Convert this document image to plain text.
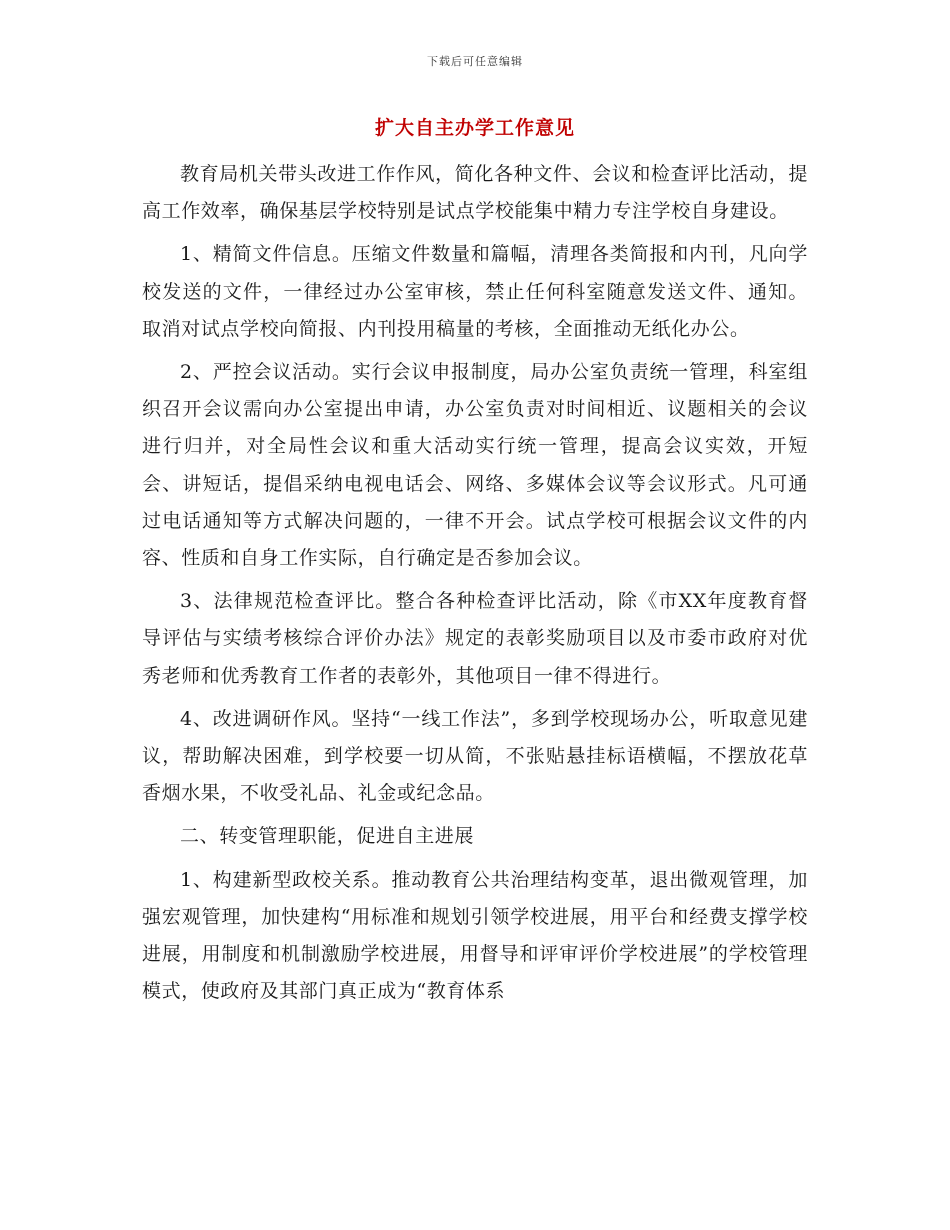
下载后可任意编辑
扩大自主办学工作意见

教育局机关带头改进工作作风，简化各种文件、会议和检查评比活动，提高工作效率，确保基层学校特别是试点学校能集中精力专注学校自身建设。

1、精简文件信息。压缩文件数量和篇幅，清理各类简报和内刊，凡向学校发送的文件，一律经过办公室审核，禁止任何科室随意发送文件、通知。取消对试点学校向简报、内刊投用稿量的考核，全面推动无纸化办公。

2、严控会议活动。实行会议申报制度，局办公室负责统一管理，科室组织召开会议需向办公室提出申请，办公室负责对时间相近、议题相关的会议进行归并，对全局性会议和重大活动实行统一管理，提高会议实效，开短会、讲短话，提倡采纳电视电话会、网络、多媒体会议等会议形式。凡可通过电话通知等方式解决问题的，一律不开会。试点学校可根据会议文件的内容、性质和自身工作实际，自行确定是否参加会议。

3、法律规范检查评比。整合各种检查评比活动，除《市XX年度教育督导评估与实绩考核综合评价办法》规定的表彰奖励项目以及市委市政府对优秀老师和优秀教育工作者的表彰外，其他项目一律不得进行。

4、改进调研作风。坚持“一线工作法”，多到学校现场办公，听取意见建议，帮助解决困难，到学校要一切从简，不张贴悬挂标语横幅，不摆放花草香烟水果，不收受礼品、礼金或纪念品。

二、转变管理职能，促进自主进展

1、构建新型政校关系。推动教育公共治理结构变革，退出微观管理，加强宏观管理，加快建构“用标准和规划引领学校进展，用平台和经费支撑学校进展，用制度和机制激励学校进展，用督导和评审评价学校进展”的学校管理模式，使政府及其部门真正成为“教育体系
